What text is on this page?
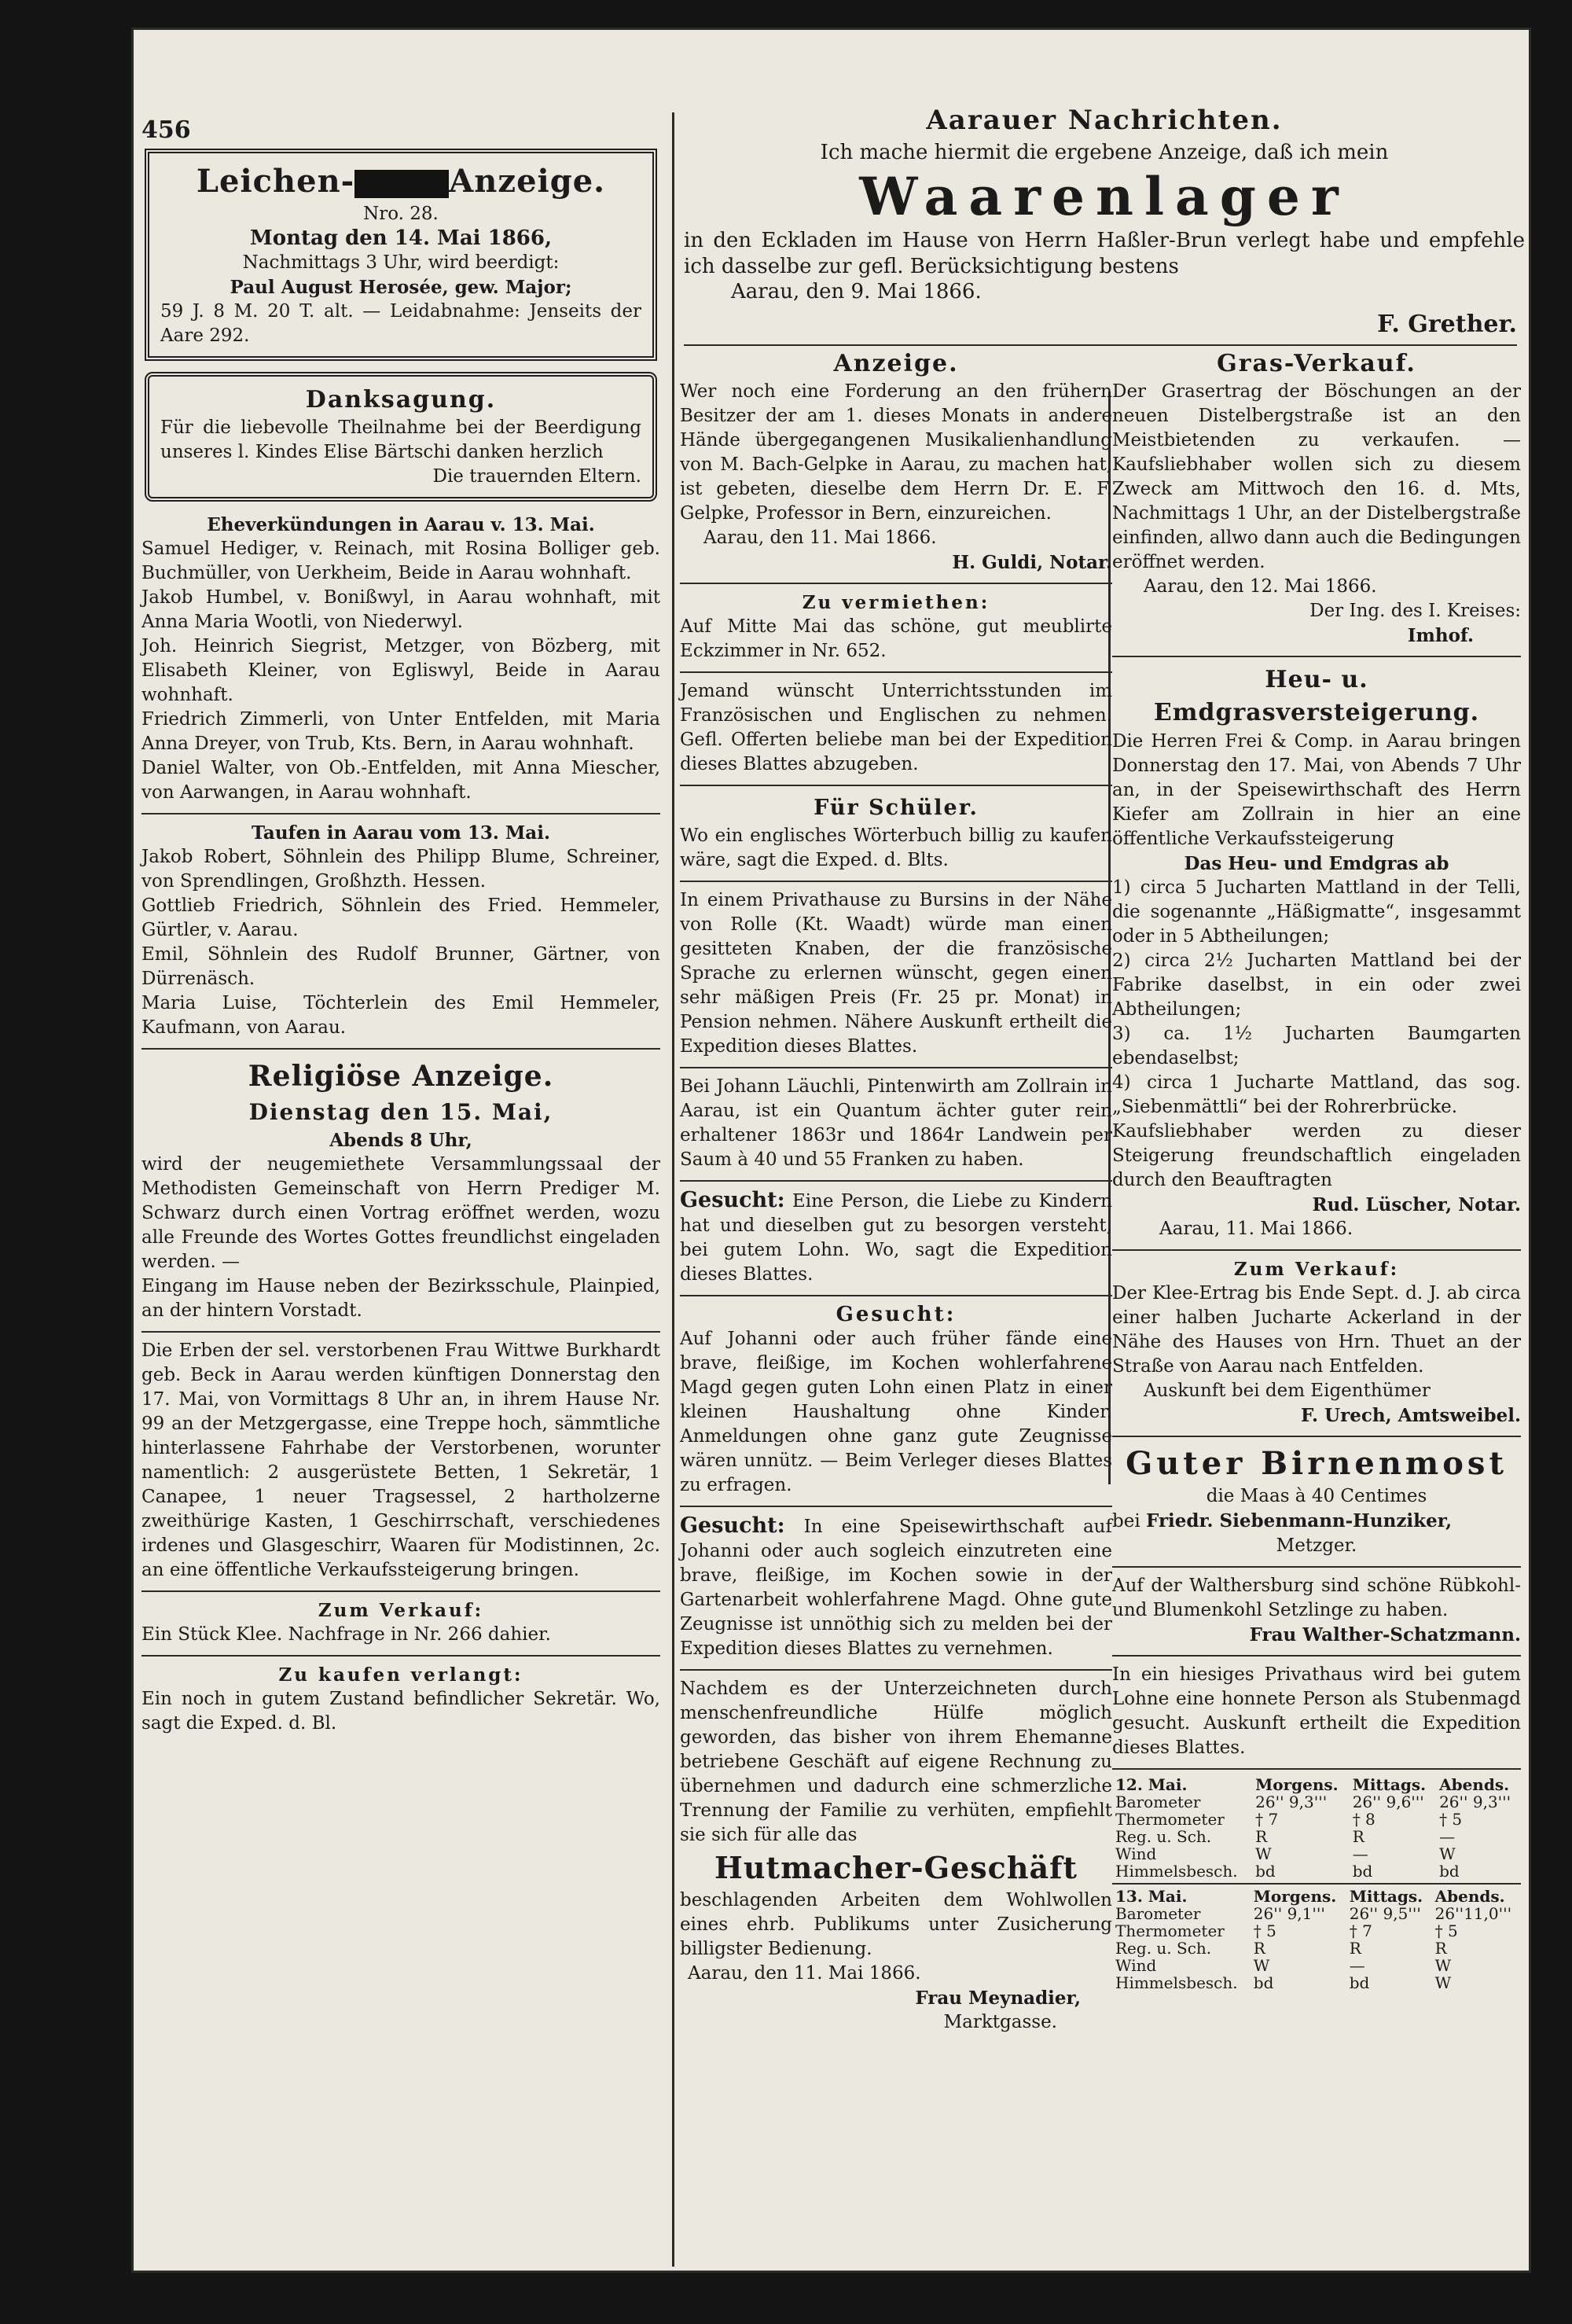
456	Aarauer Nachrichten.

Ich mache hiermit die ergebene Anzeige, daß ich mein

Waarenlager

in den Eckladen im Hause von Herrn Haßler-Brun verlegt habe und empfehle ich dasselbe zur gefl. Berücksichtigung bestens

Aarau, den 9. Mai 1866.

F. Grether.

Leichen-	Anzeige.

Nro. 28.

Montag den 14. Mai 1866,

Nachmittags 3 Uhr, wird beerdigt:

Paul August Herosée, gew. Major;

59 J. 8 M. 20 T. alt. — Leidabnahme: Jenseits der Aare 292.

Danksagung.

Für die liebevolle Theilnahme bei der Beerdigung unseres l. Kindes Elise Bärtschi danken herzlich

Die trauernden Eltern.

Eheverkündungen in Aarau v. 13. Mai.

Samuel Hediger, v. Reinach, mit Rosina Bolliger geb. Buchmüller, von Uerkheim, Beide in Aarau wohnhaft.

Jakob Humbel, v. Bonißwyl, in Aarau wohnhaft, mit Anna Maria Wootli, von Niederwyl.

Joh. Heinrich Siegrist, Metzger, von Bözberg, mit Elisabeth Kleiner, von Egliswyl, Beide in Aarau wohnhaft.

Friedrich Zimmerli, von Unter Entfelden, mit Maria Anna Dreyer, von Trub, Kts. Bern, in Aarau wohnhaft.

Daniel Walter, von Ob.-Entfelden, mit Anna Miescher, von Aarwangen, in Aarau wohnhaft.

Taufen in Aarau vom 13. Mai.

Jakob Robert, Söhnlein des Philipp Blume, Schreiner, von Sprendlingen, Großhzth. Hessen.

Gottlieb Friedrich, Söhnlein des Fried. Hemmeler, Gürtler, v. Aarau.

Emil, Söhnlein des Rudolf Brunner, Gärtner, von Dürrenäsch.

Maria Luise, Töchterlein des Emil Hemmeler, Kaufmann, von Aarau.

Religiöse Anzeige.

Dienstag den 15. Mai,

Abends 8 Uhr,

wird der neugemiethete Versammlungssaal der Methodisten Gemeinschaft von Herrn Prediger M. Schwarz durch einen Vortrag eröffnet werden, wozu alle Freunde des Wortes Gottes freundlichst eingeladen werden. —

Eingang im Hause neben der Bezirksschule, Plainpied, an der hintern Vorstadt.

Die Erben der sel. verstorbenen Frau Wittwe Burkhardt geb. Beck in Aarau werden künftigen Donnerstag den 17. Mai, von Vormittags 8 Uhr an, in ihrem Hause Nr. 99 an der Metzgergasse, eine Treppe hoch, sämmtliche hinterlassene Fahrhabe der Verstorbenen, worunter namentlich: 2 ausgerüstete Betten, 1 Sekretär, 1 Canapee, 1 neuer Tragsessel, 2 hartholzerne zweithürige Kasten, 1 Geschirrschaft, verschiedenes irdenes und Glasgeschirr, Waaren für Modistinnen, 2c. an eine öffentliche Verkaufssteigerung bringen.

Zum Verkauf:

Ein Stück Klee. Nachfrage in Nr. 266 dahier.

Zu kaufen verlangt:

Ein noch in gutem Zustand befindlicher Sekretär. Wo, sagt die Exped. d. Bl.

Anzeige.

Wer noch eine Forderung an den frühern Besitzer der am 1. dieses Monats in andere Hände übergegangenen Musikalienhandlung von M. Bach-Gelpke in Aarau, zu machen hat, ist gebeten, dieselbe dem Herrn Dr. E. F. Gelpke, Professor in Bern, einzureichen.

Aarau, den 11. Mai 1866.

H. Guldi, Notar.

Zu vermiethen:

Auf Mitte Mai das schöne, gut meublirte Eckzimmer in Nr. 652.

Jemand wünscht Unterrichtsstunden im Französischen und Englischen zu nehmen. Gefl. Offerten beliebe man bei der Expedition dieses Blattes abzugeben.

Für Schüler.

Wo ein englisches Wörterbuch billig zu kaufen wäre, sagt die Exped. d. Blts.

In einem Privathause zu Bursins in der Nähe von Rolle (Kt. Waadt) würde man einen gesitteten Knaben, der die französische Sprache zu erlernen wünscht, gegen einen sehr mäßigen Preis (Fr. 25 pr. Monat) in Pension nehmen. Nähere Auskunft ertheilt die Expedition dieses Blattes.

Bei Johann Läuchli, Pintenwirth am Zollrain in Aarau, ist ein Quantum ächter guter rein erhaltener 1863r und 1864r Landwein per Saum à 40 und 55 Franken zu haben.

Gesucht: Eine Person, die Liebe zu Kindern hat und dieselben gut zu besorgen versteht, bei gutem Lohn. Wo, sagt die Expedition dieses Blattes.

Gesucht:

Auf Johanni oder auch früher fände eine brave, fleißige, im Kochen wohlerfahrene Magd gegen guten Lohn einen Platz in einer kleinen Haushaltung ohne Kinder. Anmeldungen ohne ganz gute Zeugnisse wären unnütz. — Beim Verleger dieses Blattes zu erfragen.

Gesucht: In eine Speisewirthschaft auf Johanni oder auch sogleich einzutreten eine brave, fleißige, im Kochen sowie in der Gartenarbeit wohlerfahrene Magd. Ohne gute Zeugnisse ist unnöthig sich zu melden bei der Expedition dieses Blattes zu vernehmen.

Nachdem es der Unterzeichneten durch menschenfreundliche Hülfe möglich geworden, das bisher von ihrem Ehemanne betriebene Geschäft auf eigene Rechnung zu übernehmen und dadurch eine schmerzliche Trennung der Familie zu verhüten, empfiehlt sie sich für alle das

Hutmacher-Geschäft

beschlagenden Arbeiten dem Wohlwollen eines ehrb. Publikums unter Zusicherung billigster Bedienung.

Aarau, den 11. Mai 1866.

Frau Meynadier,

Marktgasse.

Gras-Verkauf.

Der Grasertrag der Böschungen an der neuen Distelbergstraße ist an den Meistbietenden zu verkaufen. — Kaufsliebhaber wollen sich zu diesem Zweck am Mittwoch den 16. d. Mts, Nachmittags 1 Uhr, an der Distelbergstraße einfinden, allwo dann auch die Bedingungen eröffnet werden.

Aarau, den 12. Mai 1866.

Der Ing. des I. Kreises:

Imhof.

Heu- u. Emdgrasversteigerung.

Die Herren Frei & Comp. in Aarau bringen Donnerstag den 17. Mai, von Abends 7 Uhr an, in der Speisewirthschaft des Herrn Kiefer am Zollrain in hier an eine öffentliche Verkaufssteigerung

Das Heu- und Emdgras ab

1) circa 5 Jucharten Mattland in der Telli, die sogenannte „Häßigmatte“, insgesammt oder in 5 Abtheilungen;

2) circa 2½ Jucharten Mattland bei der Fabrike daselbst, in ein oder zwei Abtheilungen;

3) ca. 1½ Jucharten Baumgarten ebendaselbst;

4) circa 1 Jucharte Mattland, das sog. „Siebenmättli“ bei der Rohrerbrücke.

Kaufsliebhaber werden zu dieser Steigerung freundschaftlich eingeladen durch den Beauftragten

Rud. Lüscher, Notar.

Aarau, 11. Mai 1866.

Zum Verkauf:

Der Klee-Ertrag bis Ende Sept. d. J. ab circa einer halben Jucharte Ackerland in der Nähe des Hauses von Hrn. Thuet an der Straße von Aarau nach Entfelden.

Auskunft bei dem Eigenthümer

F. Urech, Amtsweibel.

Guter Birnenmost

die Maas à 40 Centimes

bei Friedr. Siebenmann-Hunziker,

Metzger.

Auf der Walthersburg sind schöne Rübkohl- und Blumenkohl Setzlinge zu haben.

Frau Walther-Schatzmann.

In ein hiesiges Privathaus wird bei gutem Lohne eine honnete Person als Stubenmagd gesucht. Auskunft ertheilt die Expedition dieses Blattes.

12. Mai.	Morgens.	Mittags.	Abends.
Barometer	26'' 9,3'''	26'' 9,6'''	26'' 9,3'''
Thermometer	† 7	† 8	† 5
Reg. u. Sch.	R	R	—
Wind	W	—	W
Himmelsbesch.	bd	bd	bd
13. Mai.	Morgens.	Mittags.	Abends.
Barometer	26'' 9,1'''	26'' 9,5'''	26''11,0'''
Thermometer	† 5	† 7	† 5
Reg. u. Sch.	R	R	R
Wind	W	—	W
Himmelsbesch.	bd	bd	W
